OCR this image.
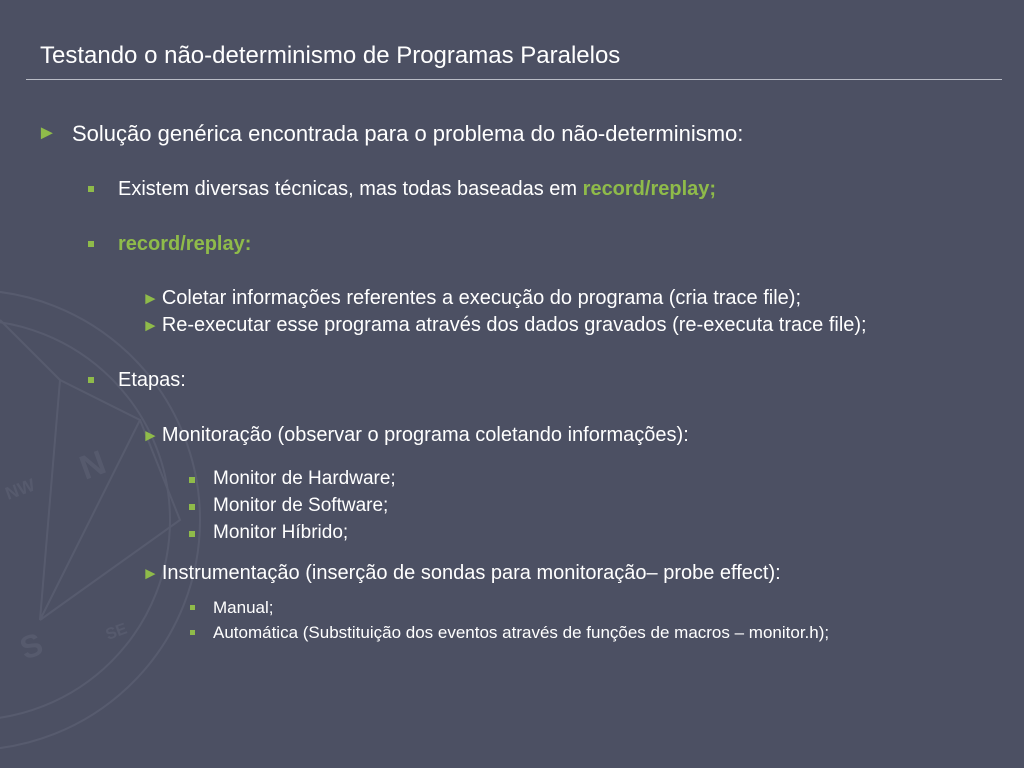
N
S
NW
SE
Testando o não-determinismo de Programas Paralelos
► Solução genérica encontrada para o problema do não-determinismo:
Existem diversas técnicas, mas todas baseadas em record/replay;
record/replay:
► Coletar informações referentes a execução do programa (cria trace file);
► Re-executar esse programa através dos dados gravados (re-executa trace file);
Etapas:
► Monitoração (observar o programa coletando informações):
Monitor de Hardware;
Monitor de Software;
Monitor Híbrido;
► Instrumentação (inserção de sondas para monitoração– probe effect):
Manual;
Automática (Substituição dos eventos através de funções de macros – monitor.h);
